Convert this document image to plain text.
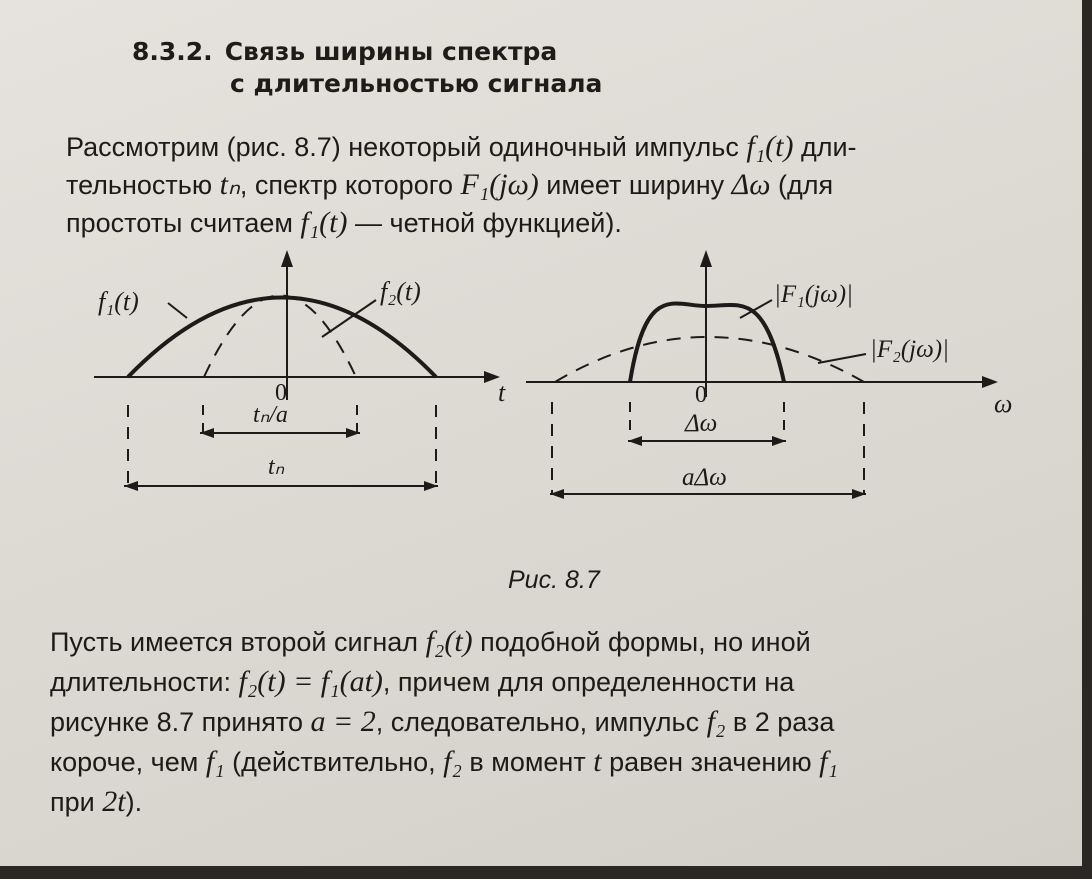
8.3.2. Связь ширины спектра
с длительностью сигнала
Рассмотрим (рис. 8.7) некоторый одиночный импульс f₁(t) дли-
тельностью tₙ, спектр которого F₁(jω) имеет ширину Δω (для
простоты считаем f₁(t) — четной функцией).
f₁(t)	f₂(t)
t
0
tₙ/a
tₙ
|F₁(jω)|
|F₂(jω)|
ω
0
Δω
aΔω
Рис. 8.7
Пусть имеется второй сигнал f₂(t) подобной формы, но иной
длительности: f₂(t) = f₁(at), причем для определенности на
рисунке 8.7 принято a = 2, следовательно, импульс f₂ в 2 раза
короче, чем f₁ (действительно, f₂ в момент t равен значению f₁
при 2t).
